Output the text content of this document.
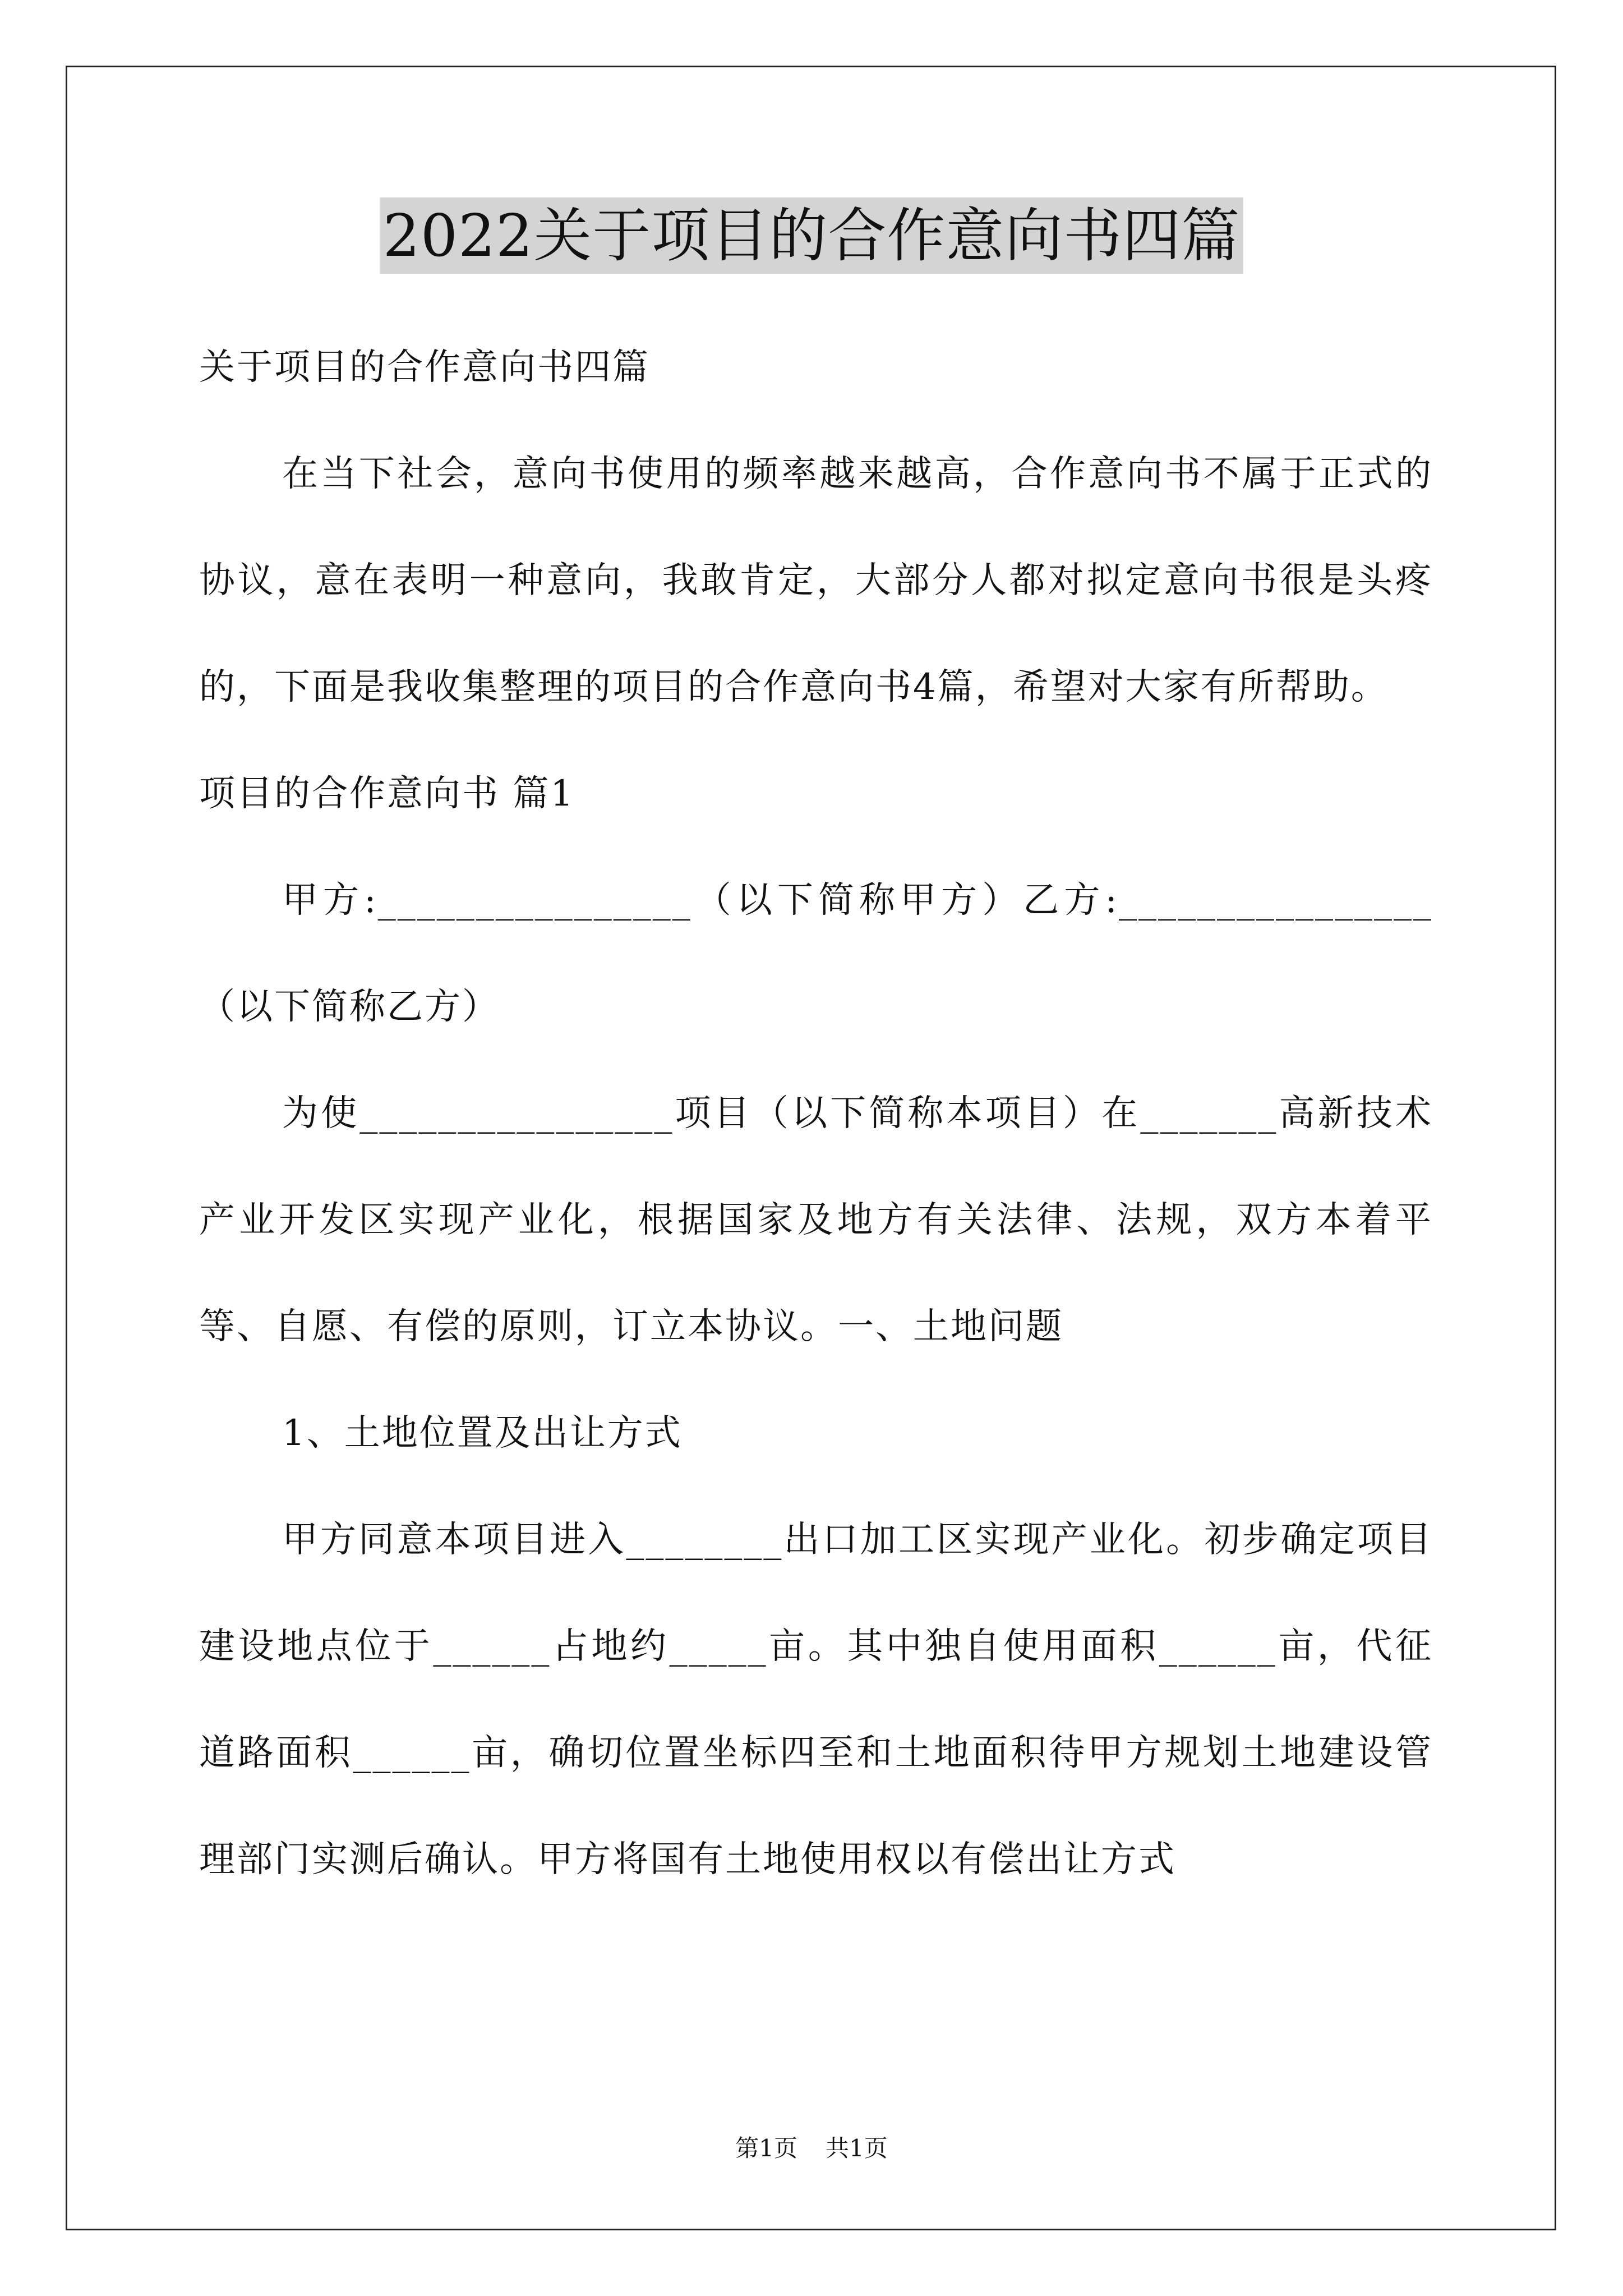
2022关于项目的合作意向书四篇

关于项目的合作意向书四篇

在当下社会，意向书使用的频率越来越高，合作意向书不属于正式的协议，意在表明一种意向，我敢肯定，大部分人都对拟定意向书很是头疼的，下面是我收集整理的项目的合作意向书4篇，希望对大家有所帮助。

项目的合作意向书 篇1

甲方:________________（以下简称甲方）乙方:________________（以下简称乙方）

为使________________项目（以下简称本项目）在_______高新技术产业开发区实现产业化，根据国家及地方有关法律、法规，双方本着平等、自愿、有偿的原则，订立本协议。一、土地问题

1、土地位置及出让方式

甲方同意本项目进入________出口加工区实现产业化。初步确定项目建设地点位于______占地约_____亩。其中独自使用面积______亩，代征道路面积______亩，确切位置坐标四至和土地面积待甲方规划土地建设管理部门实测后确认。甲方将国有土地使用权以有偿出让方式

第1页 共1页
